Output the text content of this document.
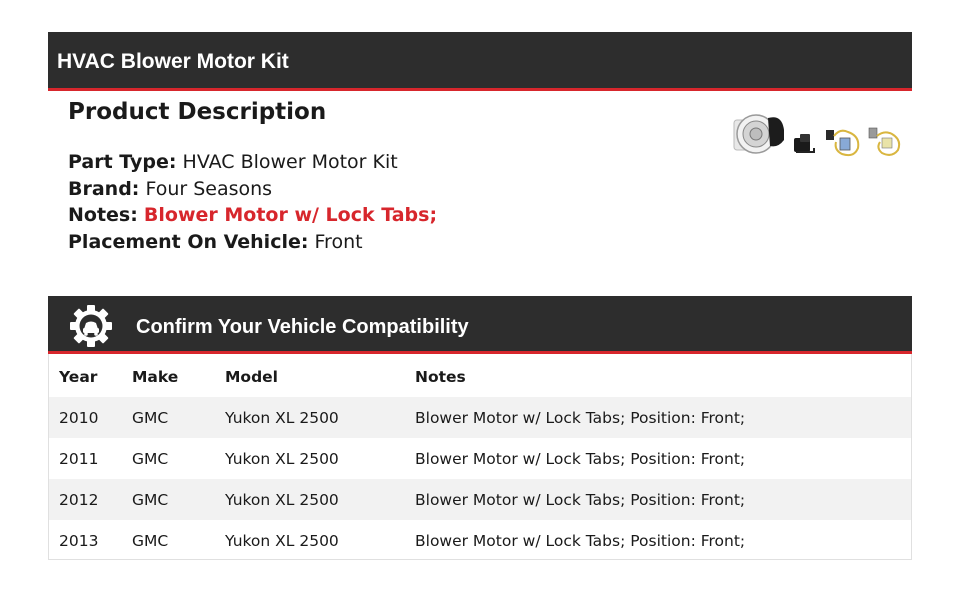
HVAC Blower Motor Kit
Product Description
Part Type: HVAC Blower Motor Kit
Brand: Four Seasons
Notes: Blower Motor w/ Lock Tabs;
Placement On Vehicle: Front
Confirm Your Vehicle Compatibility
Year	Make	Model	Notes
2010	GMC	Yukon XL 2500	Blower Motor w/ Lock Tabs; Position: Front;
2011	GMC	Yukon XL 2500	Blower Motor w/ Lock Tabs; Position: Front;
2012	GMC	Yukon XL 2500	Blower Motor w/ Lock Tabs; Position: Front;
2013	GMC	Yukon XL 2500	Blower Motor w/ Lock Tabs; Position: Front;
